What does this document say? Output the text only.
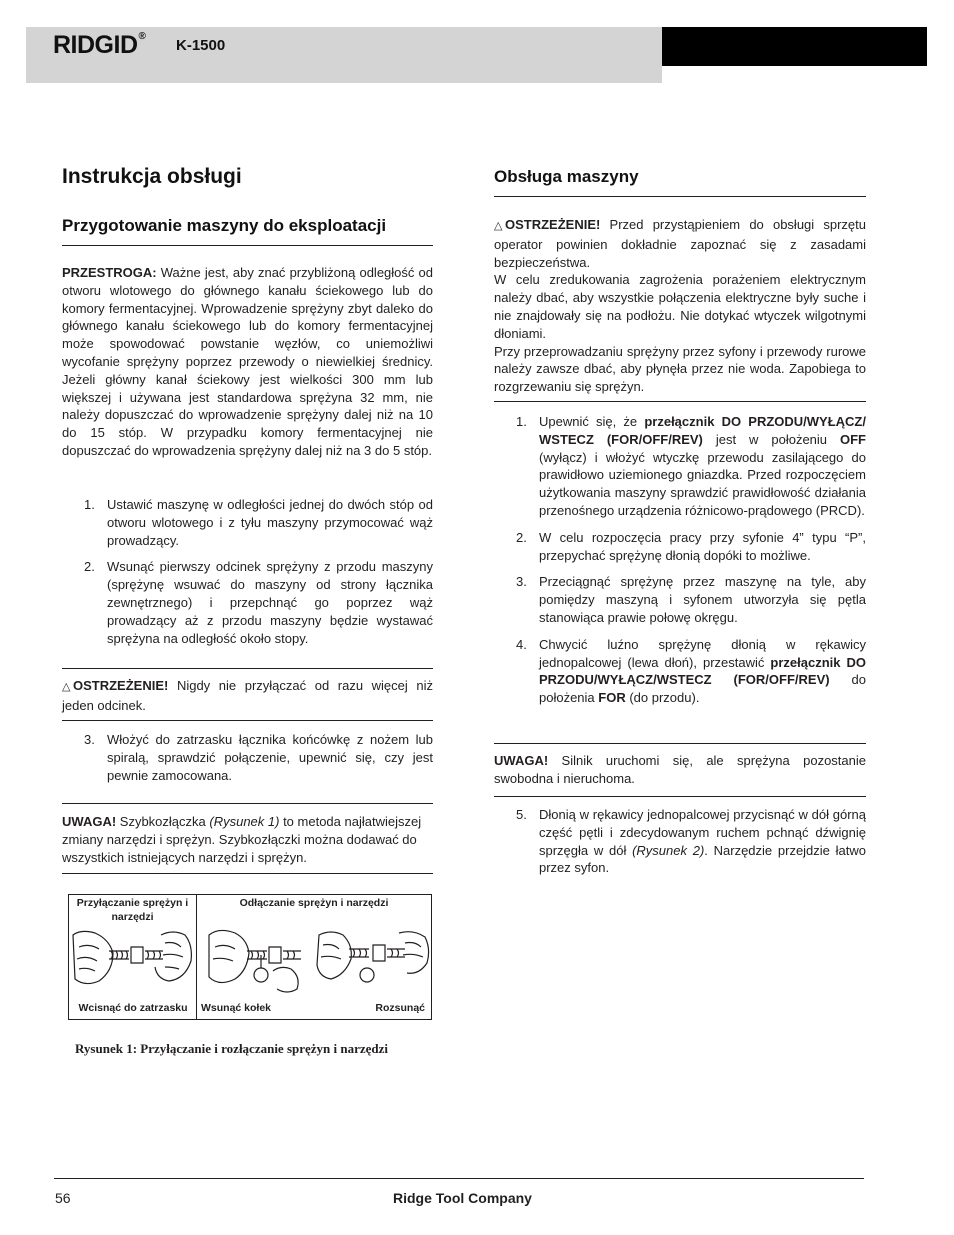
RIDGID®
K-1500
Instrukcja obsługi
Przygotowanie maszyny do eksploatacji

PRZESTROGA: Ważne jest, aby znać przybliżoną odległość od otworu wlotowego do głównego kanału ściekowego lub do komory fermentacyjnej. Wprowadzenie sprężyny zbyt daleko do głównego kanału ściekowego lub do komory fermentacyjnej może spowodować powstanie węzłów, co uniemożliwi wycofanie sprężyny poprzez przewody o niewielkiej średnicy. Jeżeli główny kanał ściekowy jest wielkości 300 mm lub większej i używana jest standardowa sprężyna 32 mm, nie należy dopuszczać do wprowadzenie sprężyny dalej niż na 10 do 15 stóp. W przypadku komory fermentacyjnej nie dopuszczać do wprowadzenia sprężyny dalej niż na 3 do 5 stóp.

1. Ustawić maszynę w odległości jednej do dwóch stóp od otworu wlotowego i z tyłu maszyny przymocować wąż prowadzący.
2. Wsunąć pierwszy odcinek sprężyny z przodu maszyny (sprężynę wsuwać do maszyny od strony łącznika zewnętrznego) i przepchnąć go poprzez wąż prowadzący aż z przodu maszyny będzie wystawać sprężyna na odległość około stopy.

△ OSTRZEŻENIE! Nigdy nie przyłączać od razu więcej niż jeden odcinek.

3. Włożyć do zatrzasku łącznika końcówkę z nożem lub spiralą, sprawdzić połączenie, upewnić się, czy jest pewnie zamocowana.

UWAGA! Szybkozłączka (Rysunek 1) to metoda najłatwiejszej zmiany narzędzi i sprężyn. Szybkozłączki można dodawać do wszystkich istniejących narzędzi i sprężyn.

Przyłączanie sprężyn i narzędzi
Odłączanie sprężyn i narzędzi
Wcisnąć do zatrzasku	Wsunąć kołek	Rozsunąć
Rysunek 1: Przyłączanie i rozłączanie sprężyn i narzędzi
Obsługa maszyny

△ OSTRZEŻENIE! Przed przystąpieniem do obsługi sprzętu operator powinien dokładnie zapoznać się z zasadami bezpieczeństwa.

W celu zredukowania zagrożenia porażeniem elektrycznym należy dbać, aby wszystkie połączenia elektryczne były suche i nie znajdowały się na podłożu. Nie dotykać wtyczek wilgotnymi dłoniami.

Przy przeprowadzaniu sprężyny przez syfony i przewody rurowe należy zawsze dbać, aby płynęła przez nie woda. Zapobiega to rozgrzewaniu się sprężyn.

1. Upewnić się, że przełącznik DO PRZODU/WYŁĄCZ/ WSTECZ (FOR/OFF/REV) jest w położeniu OFF (wyłącz) i włożyć wtyczkę przewodu zasilającego do prawidłowo uziemionego gniazdka. Przed rozpoczęciem użytkowania maszyny sprawdzić prawidłowość działania przenośnego urządzenia różnicowo-prądowego (PRCD).
2. W celu rozpoczęcia pracy przy syfonie 4” typu “P”, przepychać sprężynę dłonią dopóki to możliwe.
3. Przeciągnąć sprężynę przez maszynę na tyle, aby pomiędzy maszyną i syfonem utworzyła się pętla stanowiąca prawie połowę okręgu.
4. Chwycić luźno sprężynę dłonią w rękawicy jednopalcowej (lewa dłoń), przestawić przełącznik DO PRZODU/WYŁĄCZ/WSTECZ (FOR/OFF/REV) do położenia FOR (do przodu).

UWAGA! Silnik uruchomi się, ale sprężyna pozostanie swobodna i nieruchoma.

5. Dłonią w rękawicy jednopalcowej przycisnąć w dół górną część pętli i zdecydowanym ruchem pchnąć dźwignię sprzęgła w dół (Rysunek 2). Narzędzie przejdzie łatwo przez syfon.
56	Ridge Tool Company
